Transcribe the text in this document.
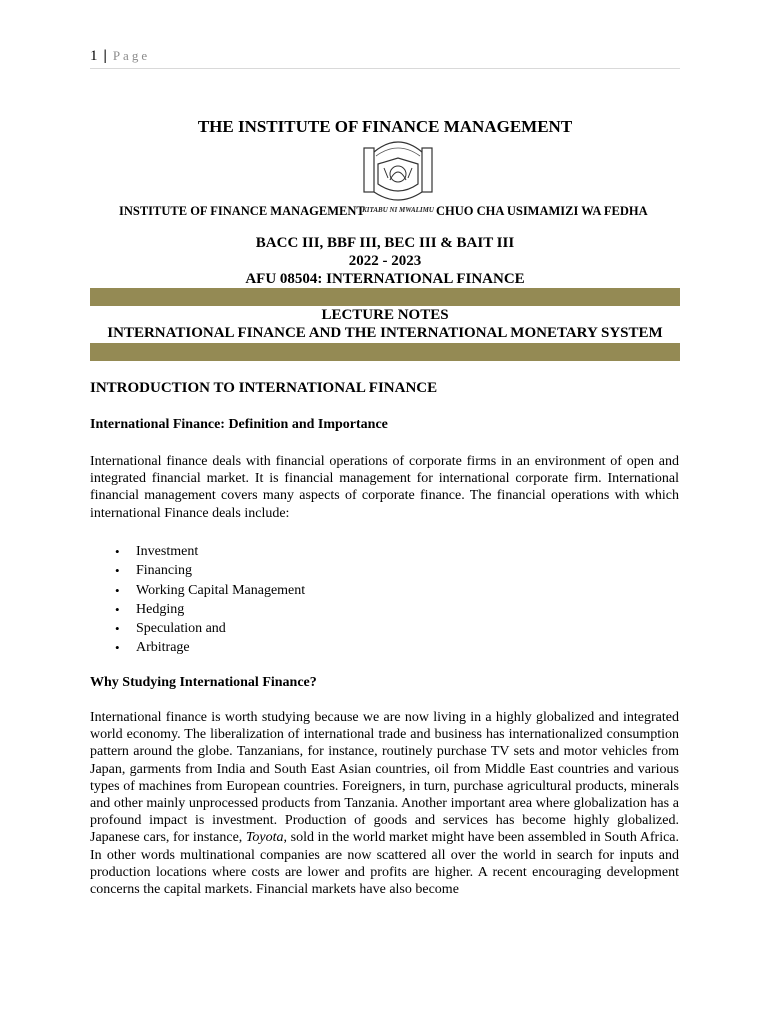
1 | Page
THE INSTITUTE OF FINANCE MANAGEMENT
KITABU NI MWALIMU
INSTITUTE OF FINANCE MANAGEMENT	CHUO CHA USIMAMIZI WA FEDHA
BACC III, BBF III, BEC III & BAIT III
2022 - 2023
AFU 08504: INTERNATIONAL FINANCE
LECTURE NOTES
INTERNATIONAL FINANCE AND THE INTERNATIONAL MONETARY SYSTEM
INTRODUCTION TO INTERNATIONAL FINANCE
International Finance: Definition and Importance
International finance deals with financial operations of corporate firms in an environment of open and integrated financial market. It is financial management for international corporate firm. International financial management covers many aspects of corporate finance. The financial operations with which international Finance deals include:
• Investment
• Financing
• Working Capital Management
• Hedging
• Speculation and
• Arbitrage
Why Studying International Finance?
International finance is worth studying because we are now living in a highly globalized and integrated world economy. The liberalization of international trade and business has internationalized consumption pattern around the globe. Tanzanians, for instance, routinely purchase TV sets and motor vehicles from Japan, garments from India and South East Asian countries, oil from Middle East countries and various types of machines from European countries. Foreigners, in turn, purchase agricultural products, minerals and other mainly unprocessed products from Tanzania. Another important area where globalization has a profound impact is investment. Production of goods and services has become highly globalized. Japanese cars, for instance, Toyota, sold in the world market might have been assembled in South Africa. In other words multinational companies are now scattered all over the world in search for inputs and production locations where costs are lower and profits are higher. A recent encouraging development concerns the capital markets. Financial markets have also become
